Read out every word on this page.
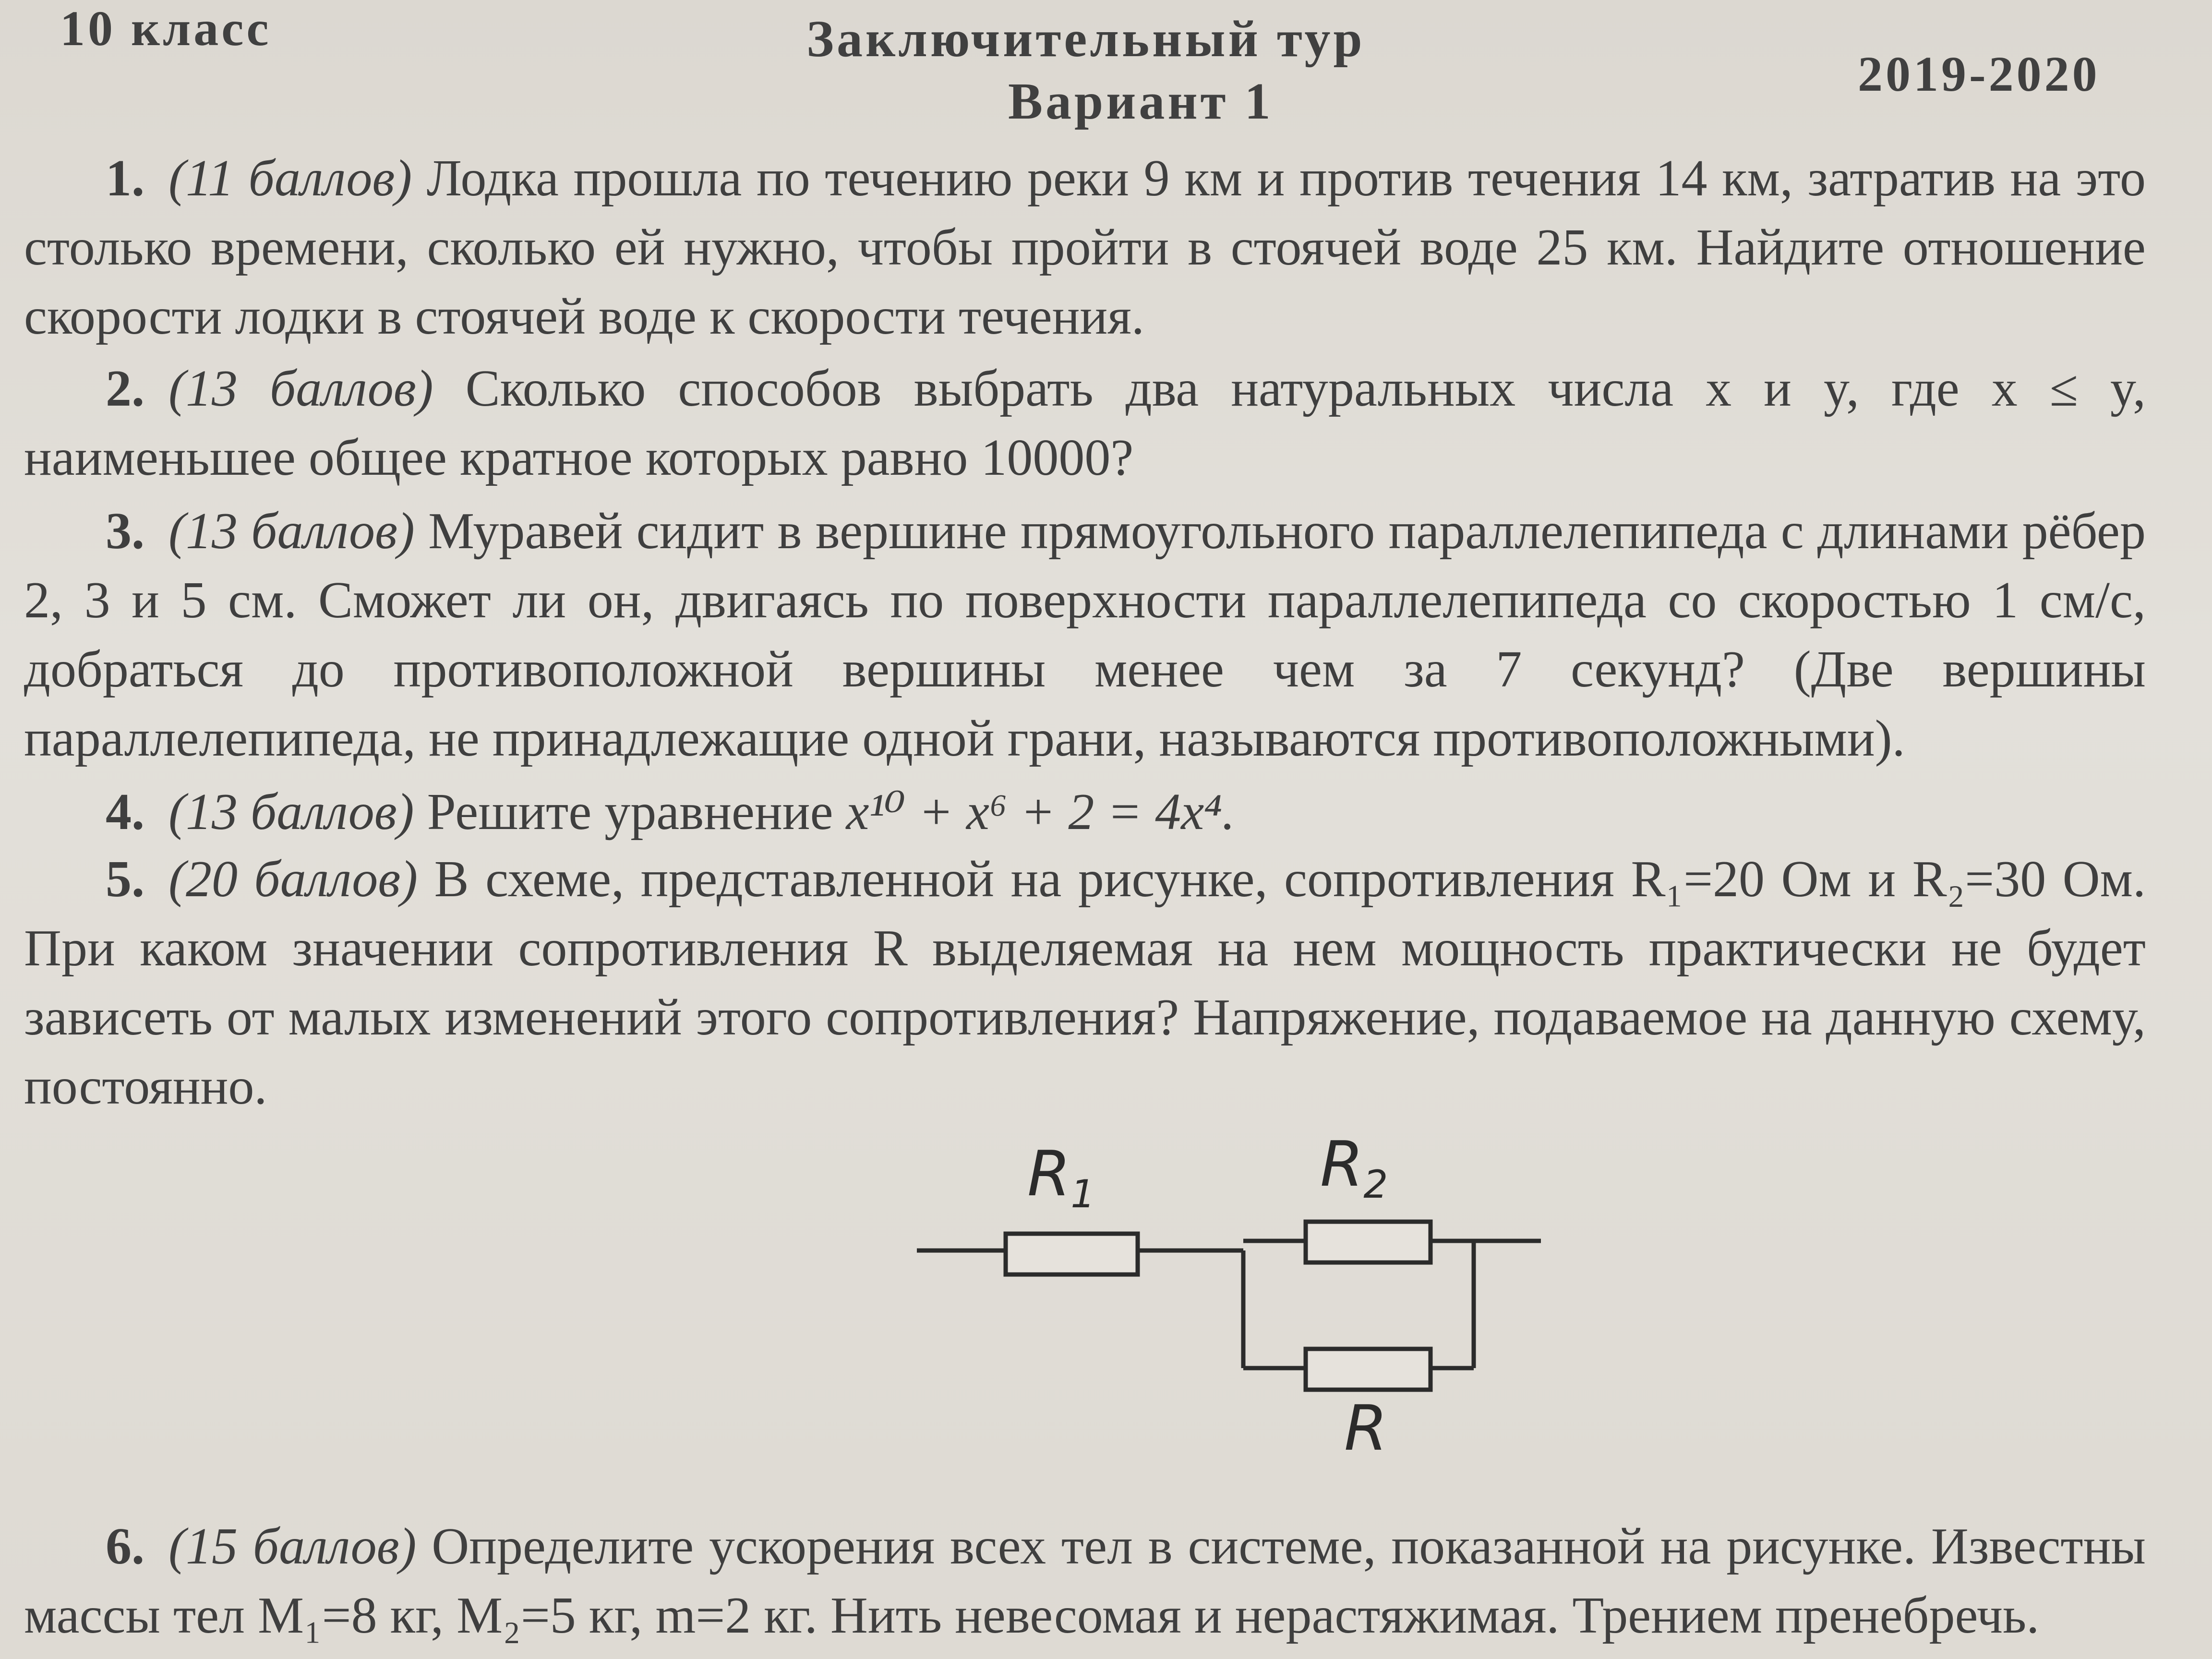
10 класс	Заключительный тур
Вариант 1	2019-2020
1. (11 баллов) Лодка прошла по течению реки 9 км и против течения 14 км, затратив на это столько времени, сколько ей нужно, чтобы пройти в стоячей воде 25 км. Найдите отношение скорости лодки в стоячей воде к скорости течения.
2. (13 баллов) Сколько способов выбрать два натуральных числа x и y, где x ≤ y, наименьшее общее кратное которых равно 10000?
3. (13 баллов) Муравей сидит в вершине прямоугольного параллелепипеда с длинами рёбер 2, 3 и 5 см. Сможет ли он, двигаясь по поверхности параллелепипеда со скоростью 1 см/с, добраться до противоположной вершины менее чем за 7 секунд? (Две вершины параллелепипеда, не принадлежащие одной грани, называются противоположными).
4. (13 баллов) Решите уравнение x¹⁰ + x⁶ + 2 = 4x⁴.
5. (20 баллов) В схеме, представленной на рисунке, сопротивления R₁=20 Ом и R₂=30 Ом. При каком значении сопротивления R выделяемая на нем мощность практически не будет зависеть от малых изменений этого сопротивления? Напряжение, подаваемое на данную схему, постоянно.
R1	R2
R
6. (15 баллов) Определите ускорения всех тел в системе, показанной на рисунке. Известны массы тел M₁=8 кг, M₂=5 кг, m=2 кг. Нить невесомая и нерастяжимая. Трением пренебречь.
